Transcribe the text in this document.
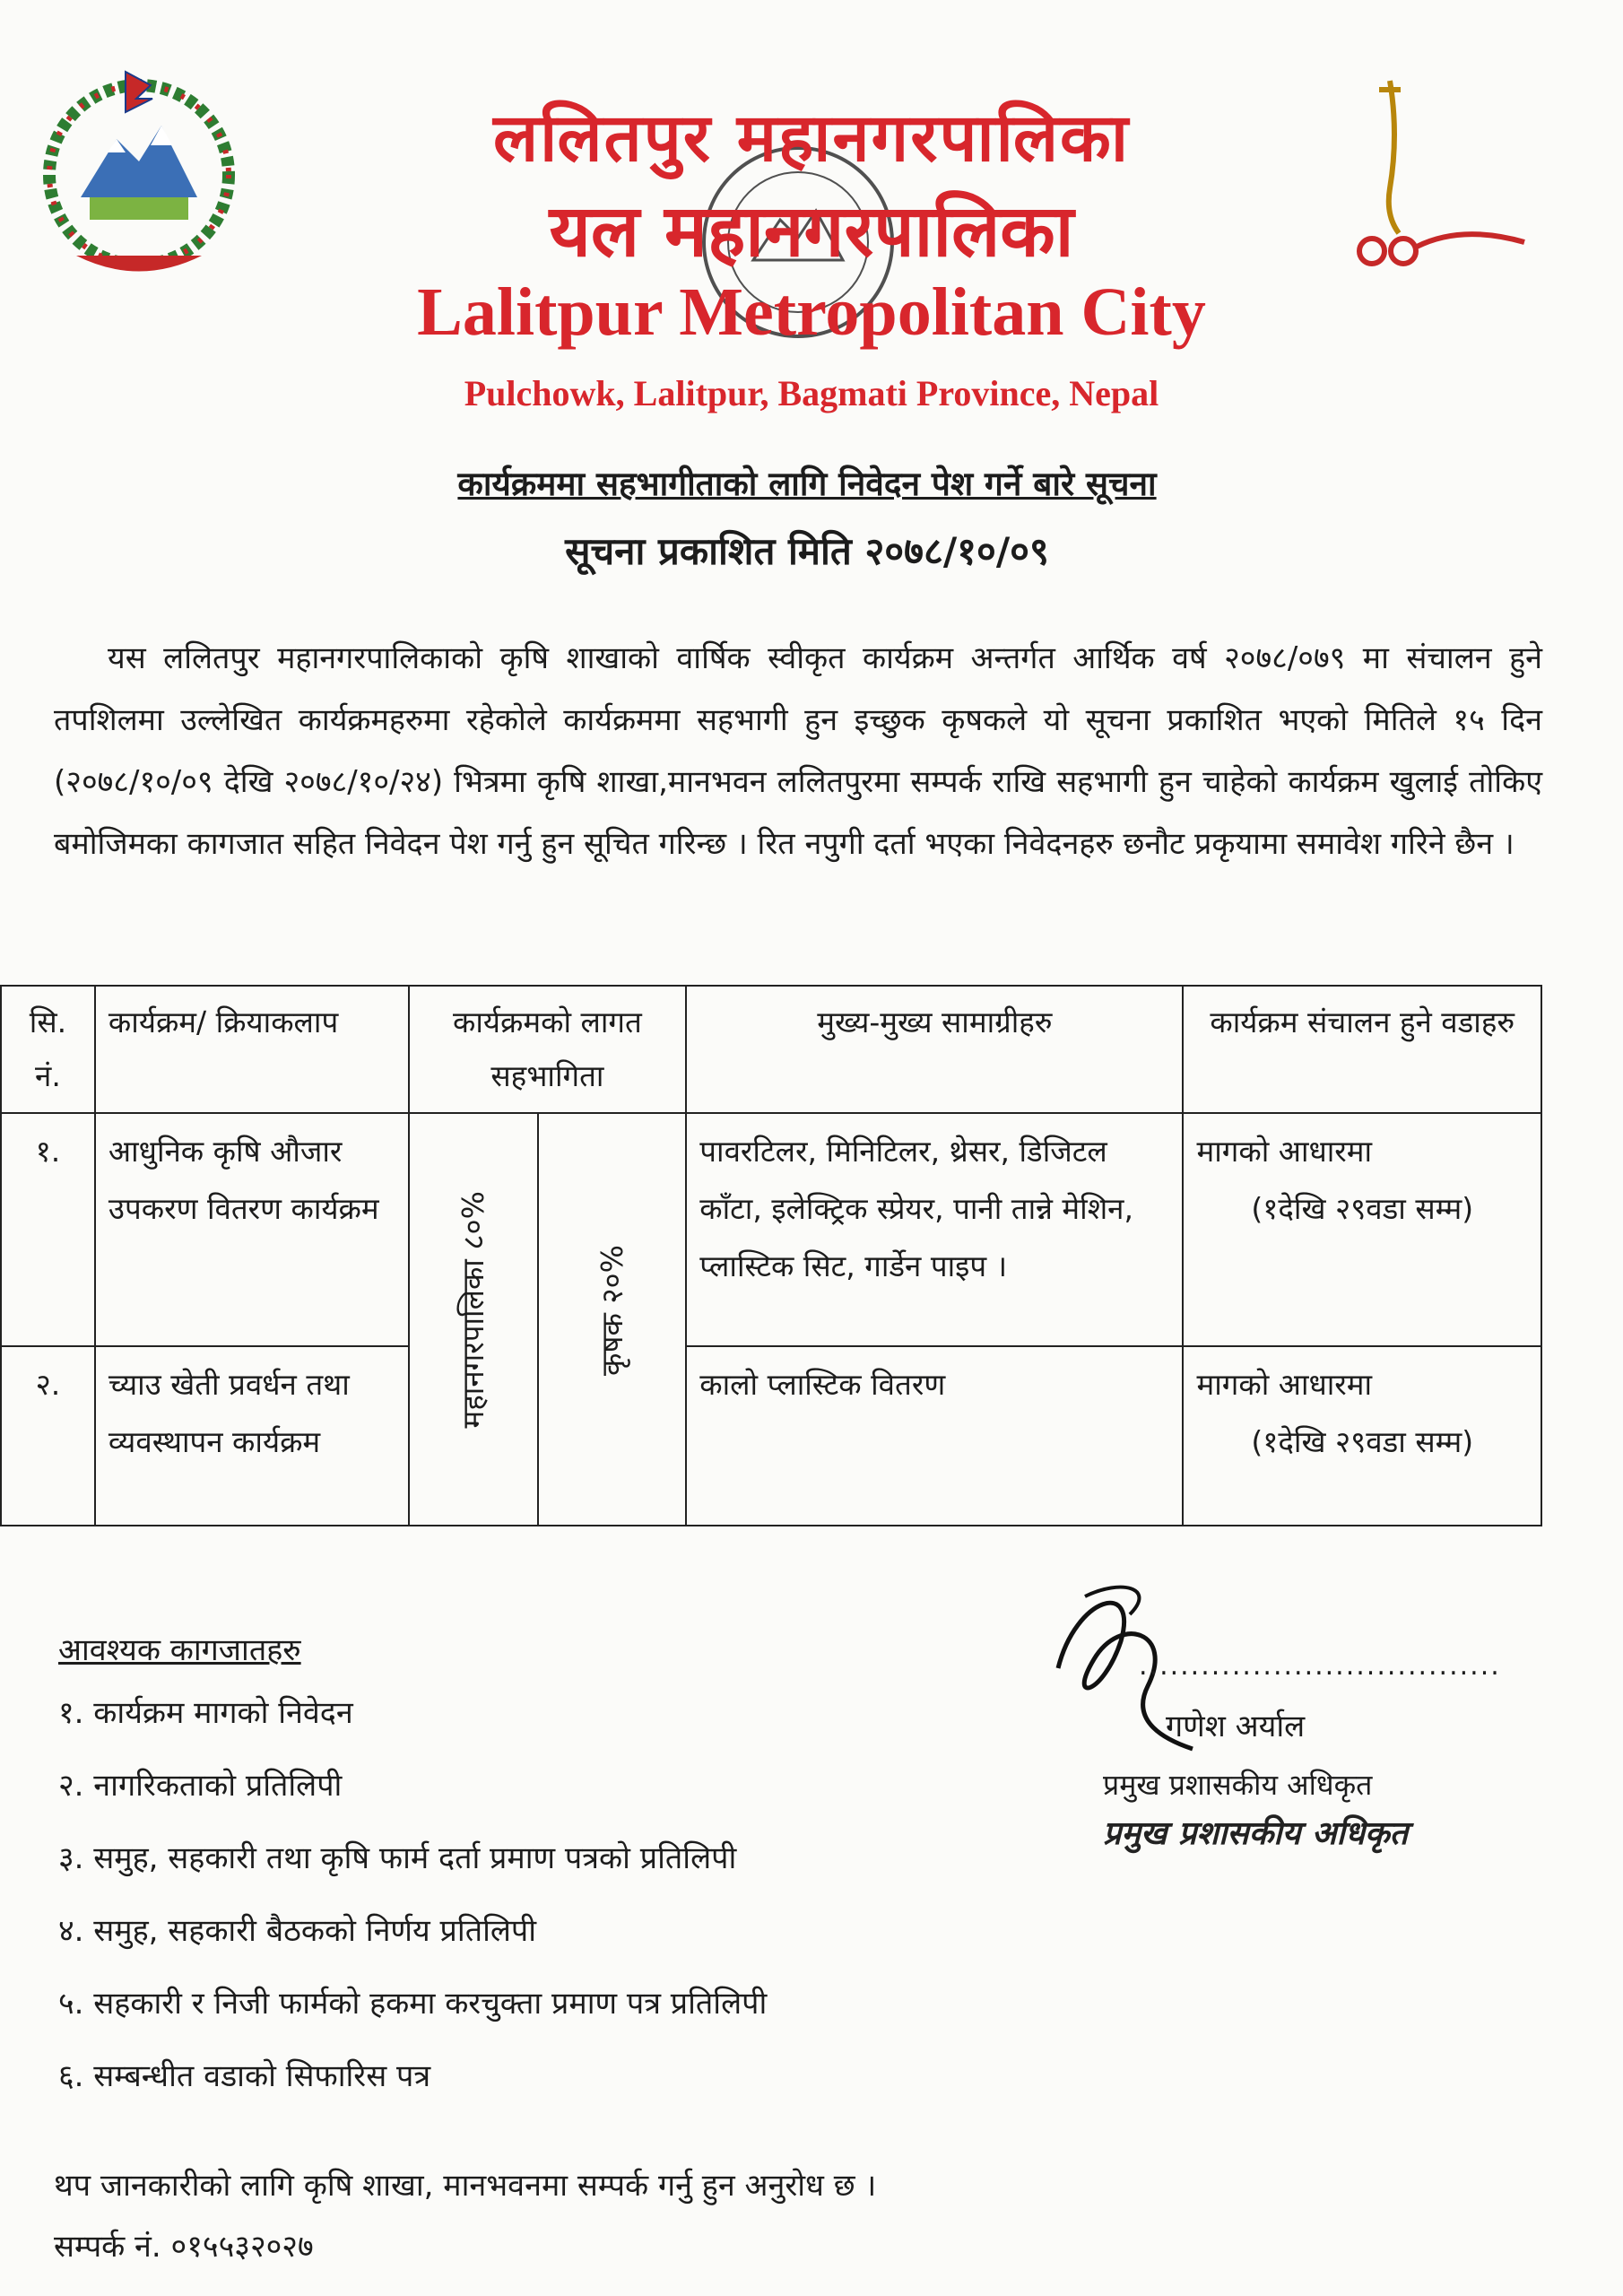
ललितपुर महानगरपालिका
यल महानगरपालिका
Lalitpur Metropolitan City
Pulchowk, Lalitpur, Bagmati Province, Nepal
कार्यक्रममा सहभागीताको लागि निवेदन पेश गर्ने बारे सूचना
सूचना प्रकाशित मिति २०७८/१०/०९
यस ललितपुर महानगरपालिकाको कृषि शाखाको वार्षिक स्वीकृत कार्यक्रम अन्तर्गत आर्थिक वर्ष २०७८/०७९ मा संचालन हुने तपशिलमा उल्लेखित कार्यक्रमहरुमा रहेकोले कार्यक्रममा सहभागी हुन इच्छुक कृषकले यो सूचना प्रकाशित भएको मितिले १५ दिन (२०७८/१०/०९ देखि २०७८/१०/२४) भित्रमा कृषि शाखा,मानभवन ललितपुरमा सम्पर्क राखि सहभागी हुन चाहेको कार्यक्रम खुलाई तोकिए बमोजिमका कागजात सहित निवेदन पेश गर्नु हुन सूचित गरिन्छ । रित नपुगी दर्ता भएका निवेदनहरु छनौट प्रकृयामा समावेश गरिने छैन ।
सि. नं.	कार्यक्रम/ क्रियाकलाप	कार्यक्रमको लागत सहभागिता		मुख्य-मुख्य सामाग्रीहरु	कार्यक्रम संचालन हुने वडाहरु
१.	आधुनिक कृषि औजार उपकरण वितरण कार्यक्रम	महानगरपालिका ८०%	कृषक २०%	पावरटिलर, मिनिटिलर, थ्रेसर, डिजिटल काँटा, इलेक्ट्रिक स्प्रेयर, पानी तान्ने मेशिन, प्लास्टिक सिट, गार्डेन पाइप ।	मागको आधारमा
(१देखि २९वडा सम्म)

२.	च्याउ खेती प्रवर्धन तथा व्यवस्थापन कार्यक्रम			कालो प्लास्टिक वितरण	मागको आधारमा
(१देखि २९वडा सम्म)
...................................
गणेश अर्याल
प्रमुख प्रशासकीय अधिकृत
प्रमुख प्रशासकीय अधिकृत
आवश्यक कागजातहरु
१. कार्यक्रम मागको निवेदन
२. नागरिकताको प्रतिलिपी
३. समुह, सहकारी तथा कृषि फार्म दर्ता प्रमाण पत्रको प्रतिलिपी
४. समुह, सहकारी बैठकको निर्णय प्रतिलिपी
५. सहकारी र निजी फार्मको हकमा करचुक्ता प्रमाण पत्र प्रतिलिपी
६. सम्बन्धीत वडाको सिफारिस पत्र
थप जानकारीको लागि कृषि शाखा, मानभवनमा सम्पर्क गर्नु हुन अनुरोध छ ।
सम्पर्क नं. ०१५५३२०२७
